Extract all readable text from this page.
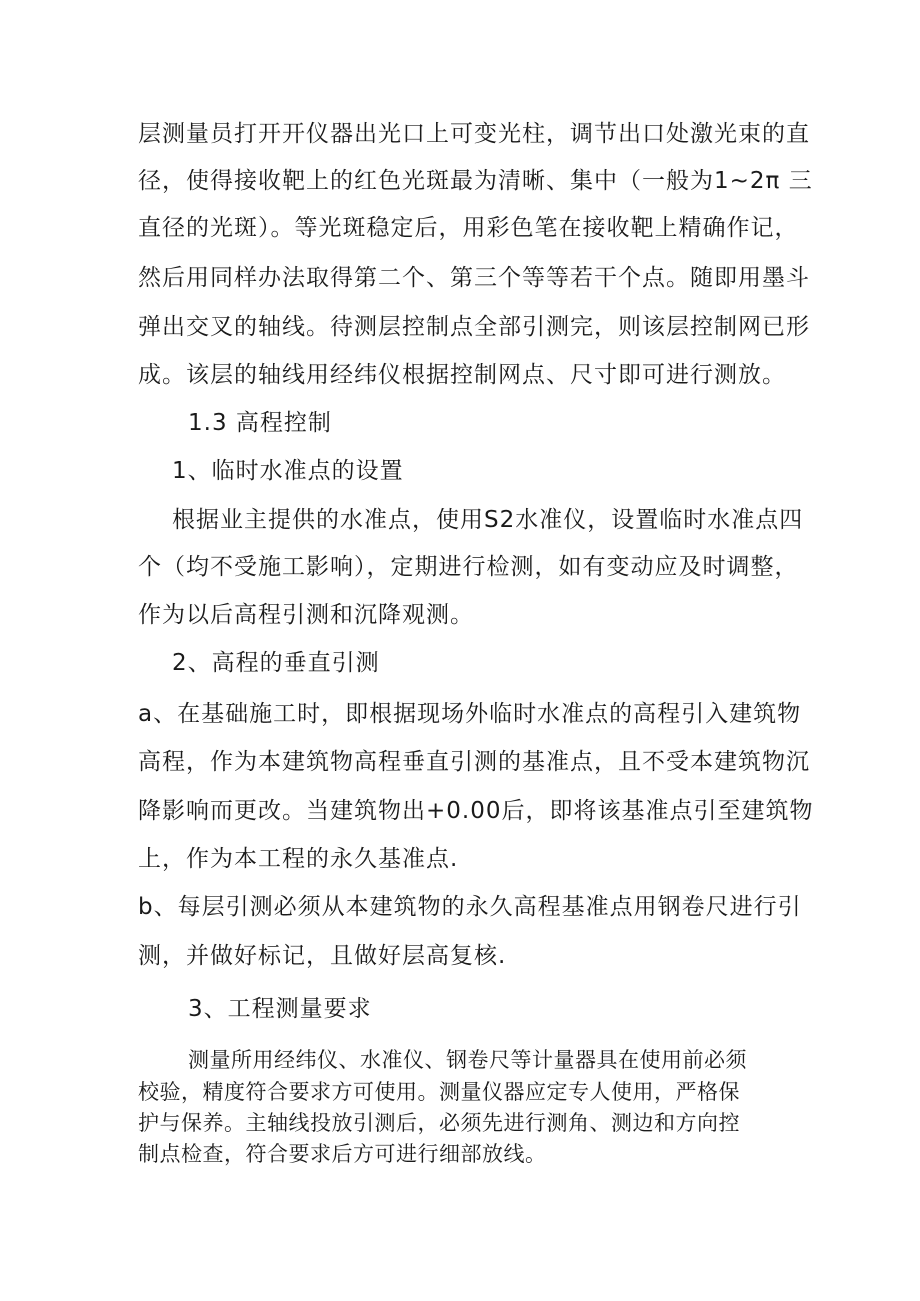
层测量员打开开仪器出光口上可变光柱，调节出口处激光束的直
径，使得接收靶上的红色光斑最为清晰、集中（一般为1~2π 三
直径的光斑）。等光斑稳定后，用彩色笔在接收靶上精确作记，
然后用同样办法取得第二个、第三个等等若干个点。随即用墨斗
弹出交叉的轴线。待测层控制点全部引测完，则该层控制网已形
成。该层的轴线用经纬仪根据控制网点、尺寸即可进行测放。
1.3 高程控制
1、临时水准点的设置
根据业主提供的水准点，使用S2水准仪，设置临时水准点四
个（均不受施工影响），定期进行检测，如有变动应及时调整，
作为以后高程引测和沉降观测。
2、高程的垂直引测
a、在基础施工时，即根据现场外临时水准点的高程引入建筑物
高程，作为本建筑物高程垂直引测的基准点，且不受本建筑物沉
降影响而更改。当建筑物出+0.00后，即将该基准点引至建筑物
上，作为本工程的永久基准点.
b、每层引测必须从本建筑物的永久高程基准点用钢卷尺进行引
测，并做好标记，且做好层高复核.
3、工程测量要求
测量所用经纬仪、水准仪、钢卷尺等计量器具在使用前必须
校验，精度符合要求方可使用。测量仪器应定专人使用，严格保
护与保养。主轴线投放引测后，必须先进行测角、测边和方向控
制点检查，符合要求后方可进行细部放线。
